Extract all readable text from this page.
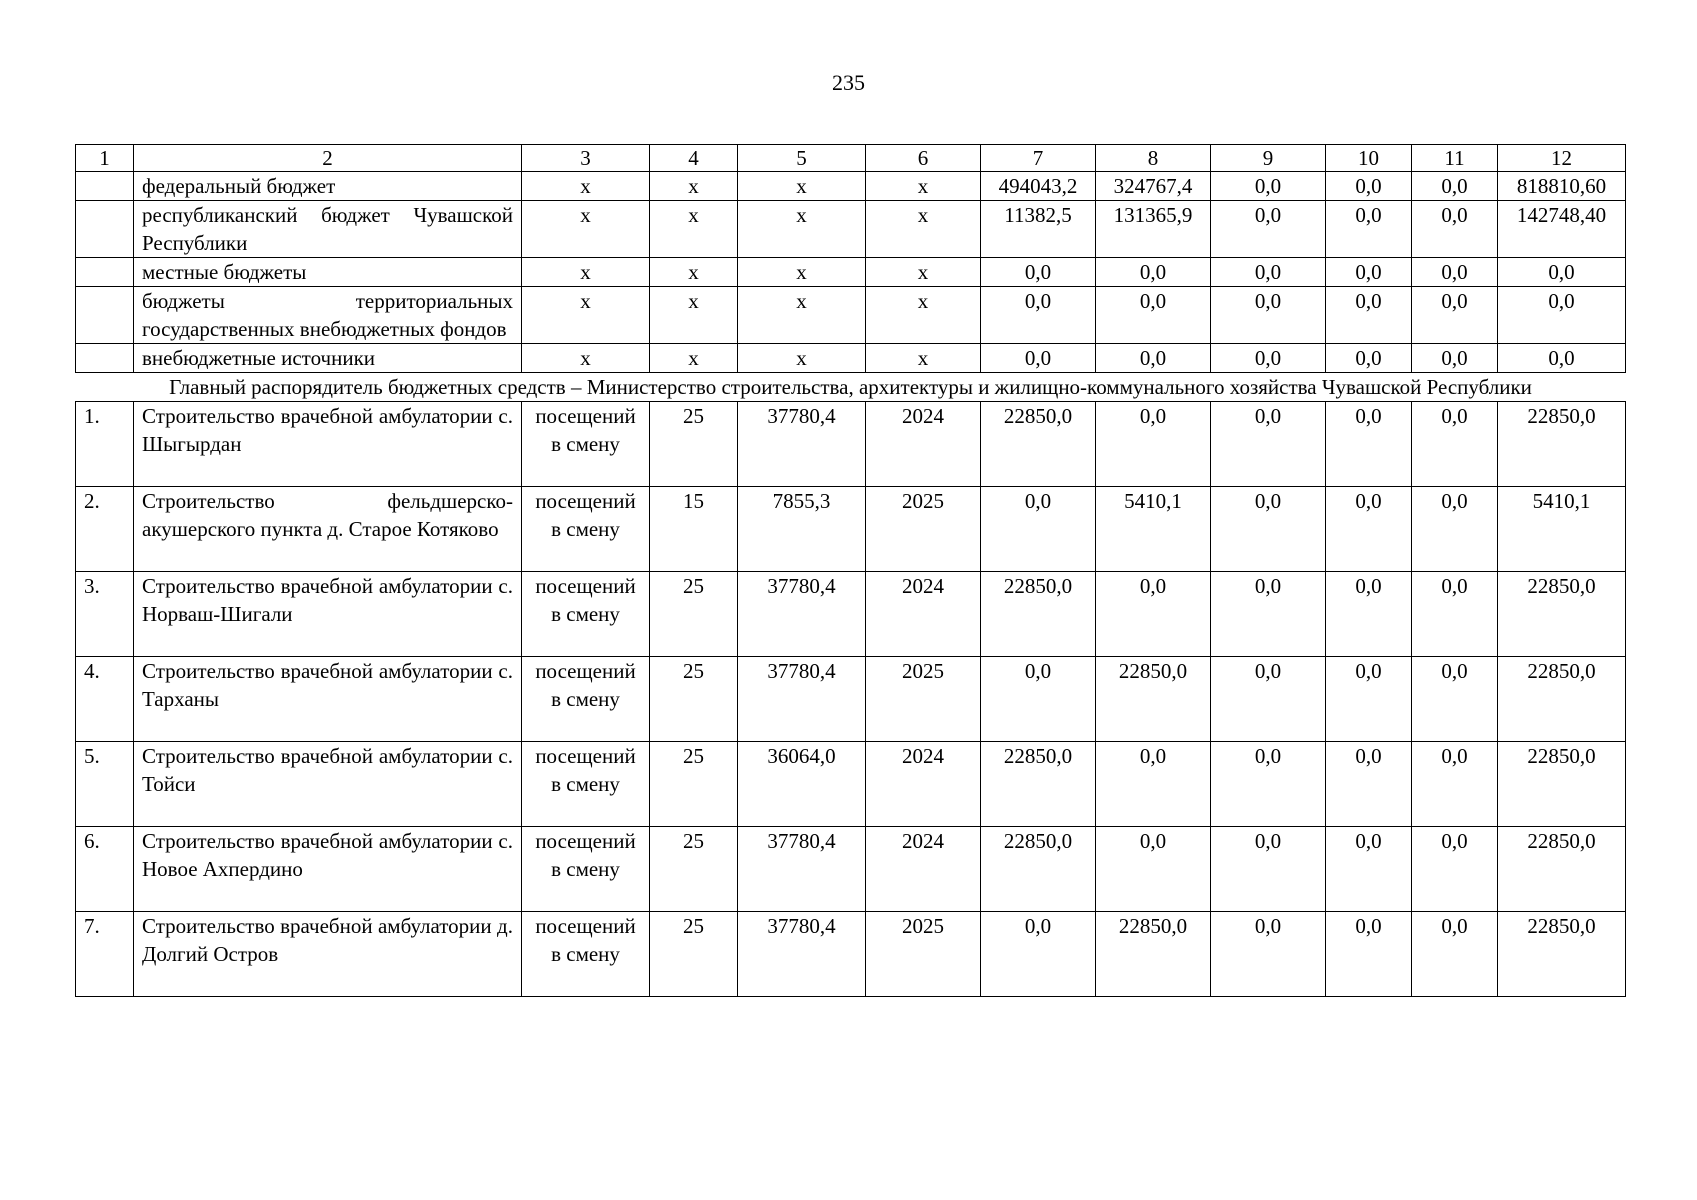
235
1	2	3	4	5	6	7	8	9	10	11	12
	федеральный бюджет	х	х	х	х	494043,2	324767,4	0,0	0,0	0,0	818810,60
	республиканский бюджет Чувашской Республики	х	х	х	х	11382,5	131365,9	0,0	0,0	0,0	142748,40
	местные бюджеты	х	х	х	х	0,0	0,0	0,0	0,0	0,0	0,0
	бюджеты территориальных государственных внебюджетных фондов	х	х	х	х	0,0	0,0	0,0	0,0	0,0	0,0
	внебюджетные источники	х	х	х	х	0,0	0,0	0,0	0,0	0,0	0,0
Главный распорядитель бюджетных средств – Министерство строительства, архитектуры и жилищно-коммунального хозяйства Чувашской Республики											
1.	Строительство врачебной амбулатории с. Шыгырдан	посещений в смену	25	37780,4	2024	22850,0	0,0	0,0	0,0	0,0	22850,0
2.	Строительство фельдшерско-акушерского пункта д. Старое Котяково	посещений в смену	15	7855,3	2025	0,0	5410,1	0,0	0,0	0,0	5410,1
3.	Строительство врачебной амбулатории с. Норваш-Шигали	посещений в смену	25	37780,4	2024	22850,0	0,0	0,0	0,0	0,0	22850,0
4.	Строительство врачебной амбулатории с. Тарханы	посещений в смену	25	37780,4	2025	0,0	22850,0	0,0	0,0	0,0	22850,0
5.	Строительство врачебной амбулатории с. Тойси	посещений в смену	25	36064,0	2024	22850,0	0,0	0,0	0,0	0,0	22850,0
6.	Строительство врачебной амбулатории с. Новое Ахпердино	посещений в смену	25	37780,4	2024	22850,0	0,0	0,0	0,0	0,0	22850,0
7.	Строительство врачебной амбулатории д. Долгий Остров	посещений в смену	25	37780,4	2025	0,0	22850,0	0,0	0,0	0,0	22850,0
